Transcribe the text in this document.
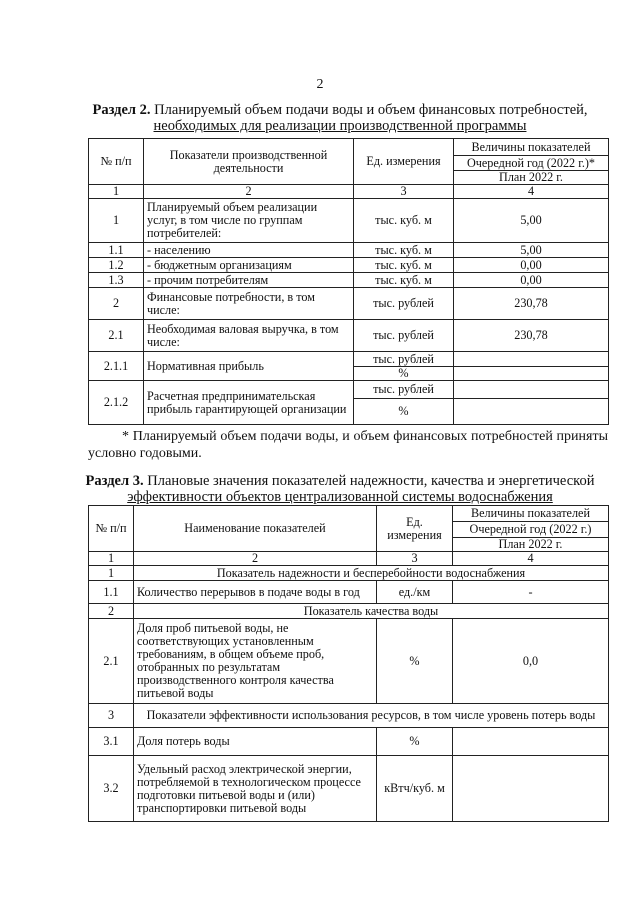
2
Раздел 2. Планируемый объем подачи воды и объем финансовых потребностей,
необходимых для реализации производственной программы
№ п/п	Показатели производственной деятельности	Ед. измерения	Величины показателей
			Очередной год (2022 г.)*
			План 2022 г.
1	2	3	4
1	Планируемый объем реализации услуг, в том числе по группам потребителей:	тыс. куб. м	5,00
1.1	- населению	тыс. куб. м	5,00
1.2	- бюджетным организациям	тыс. куб. м	0,00
1.3	- прочим потребителям	тыс. куб. м	0,00
2	Финансовые потребности, в том числе:	тыс. рублей	230,78
2.1	Необходимая валовая выручка, в том числе:	тыс. рублей	230,78
2.1.1	Нормативная прибыль	тыс. рублей	
		%	
2.1.2	Расчетная предпринимательская прибыль гарантирующей организации	тыс. рублей	
		%	
* Планируемый объем подачи воды, и объем финансовых потребностей приняты условно годовыми.
Раздел 3. Плановые значения показателей надежности, качества и энергетической
эффективности объектов централизованной системы водоснабжения
№ п/п	Наименование показателей	Ед. измерения	Величины показателей
			Очередной год (2022 г.)
			План 2022 г.
1	2	3	4
1	Показатель надежности и бесперебойности водоснабжения		
1.1	Количество перерывов в подаче воды в год	ед./км	-
2	Показатель качества воды		
2.1	Доля проб питьевой воды, не соответствующих установленным требованиям, в общем объеме проб, отобранных по результатам производственного контроля качества питьевой воды	%	0,0
3	Показатели эффективности использования ресурсов, в том числе уровень потерь воды		
3.1	Доля потерь воды	%	
3.2	Удельный расход электрической энергии, потребляемой в технологическом процессе подготовки питьевой воды и (или) транспортировки питьевой воды	кВтч/куб. м	
